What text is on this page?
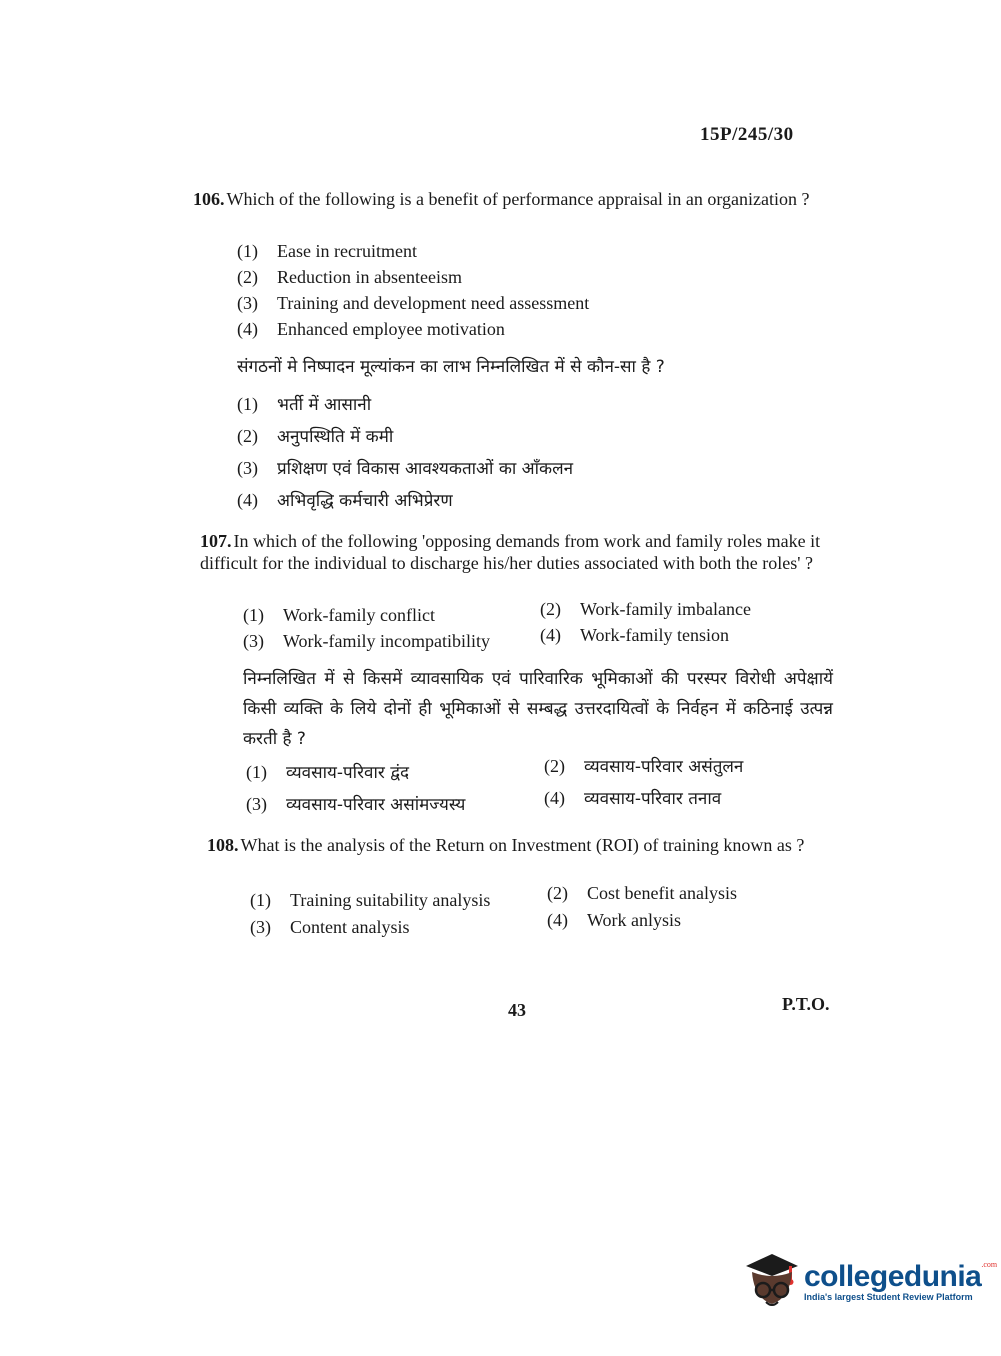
15P/245/30
106. Which of the following is a benefit of performance appraisal in an organization ?
(1) Ease in recruitment
(2) Reduction in absenteeism
(3) Training and development need assessment
(4) Enhanced employee motivation
संगठनों मे निष्पादन मूल्यांकन का लाभ निम्नलिखित में से कौन-सा है ?
(1) भर्ती में आसानी
(2) अनुपस्थिति में कमी
(3) प्रशिक्षण एवं विकास आवश्यकताओं का आँकलन
(4) अभिवृद्धि कर्मचारी अभिप्रेरण
107. In which of the following 'opposing demands from work and family roles make it difficult for the individual to discharge his/her duties associated with both the roles' ?
(1) Work-family conflict	(2) Work-family imbalance
(3) Work-family incompatibility	(4) Work-family tension
निम्नलिखित में से किसमें व्यावसायिक एवं पारिवारिक भूमिकाओं की परस्पर विरोधी अपेक्षायें किसी व्यक्ति के लिये दोनों ही भूमिकाओं से सम्बद्ध उत्तरदायित्वों के निर्वहन में कठिनाई उत्पन्न करती है ?
(1) व्यवसाय-परिवार द्वंद	(2) व्यवसाय-परिवार असंतुलन
(3) व्यवसाय-परिवार असांमज्यस्य	(4) व्यवसाय-परिवार तनाव
108. What is the analysis of the Return on Investment (ROI) of training known as ?
(1) Training suitability analysis	(2) Cost benefit analysis
(3) Content analysis	(4) Work anlysis
43	P.T.O.
collegedunia$^{.com}$
India's largest Student Review Platform
